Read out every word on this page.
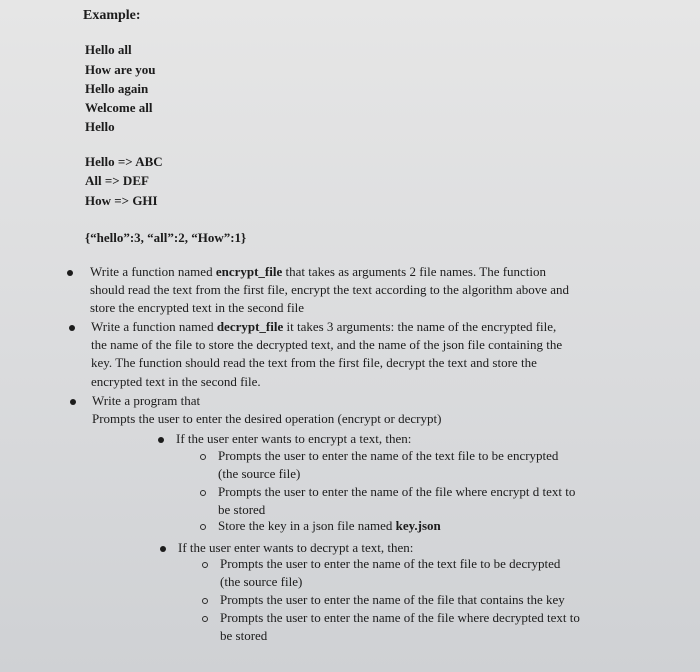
Example:
Hello all
How are you
Hello again
Welcome all
Hello
Hello => ABC
All => DEF
How => GHI
{“hello”:3, “all”:2, “How”:1}
Write a function named encrypt_file that takes as arguments 2 file names. The function
should read the text from the first file, encrypt the text according to the algorithm above and
store the encrypted text in the second file
Write a function named decrypt_file it takes 3 arguments: the name of the encrypted file,
the name of the file to store the decrypted text, and the name of the json file containing the
key. The function should read the text from the first file, decrypt the text and store the
encrypted text in the second file.
Write a program that
Prompts the user to enter the desired operation (encrypt or decrypt)
If the user enter wants to encrypt a text, then:
Prompts the user to enter the name of the text file to be encrypted
(the source file)
Prompts the user to enter the name of the file where encrypt d text to
be stored
Store the key in a json file named key.json
If the user enter wants to decrypt a text, then:
Prompts the user to enter the name of the text file to be decrypted
(the source file)
Prompts the user to enter the name of the file that contains the key
Prompts the user to enter the name of the file where decrypted text to
be stored
